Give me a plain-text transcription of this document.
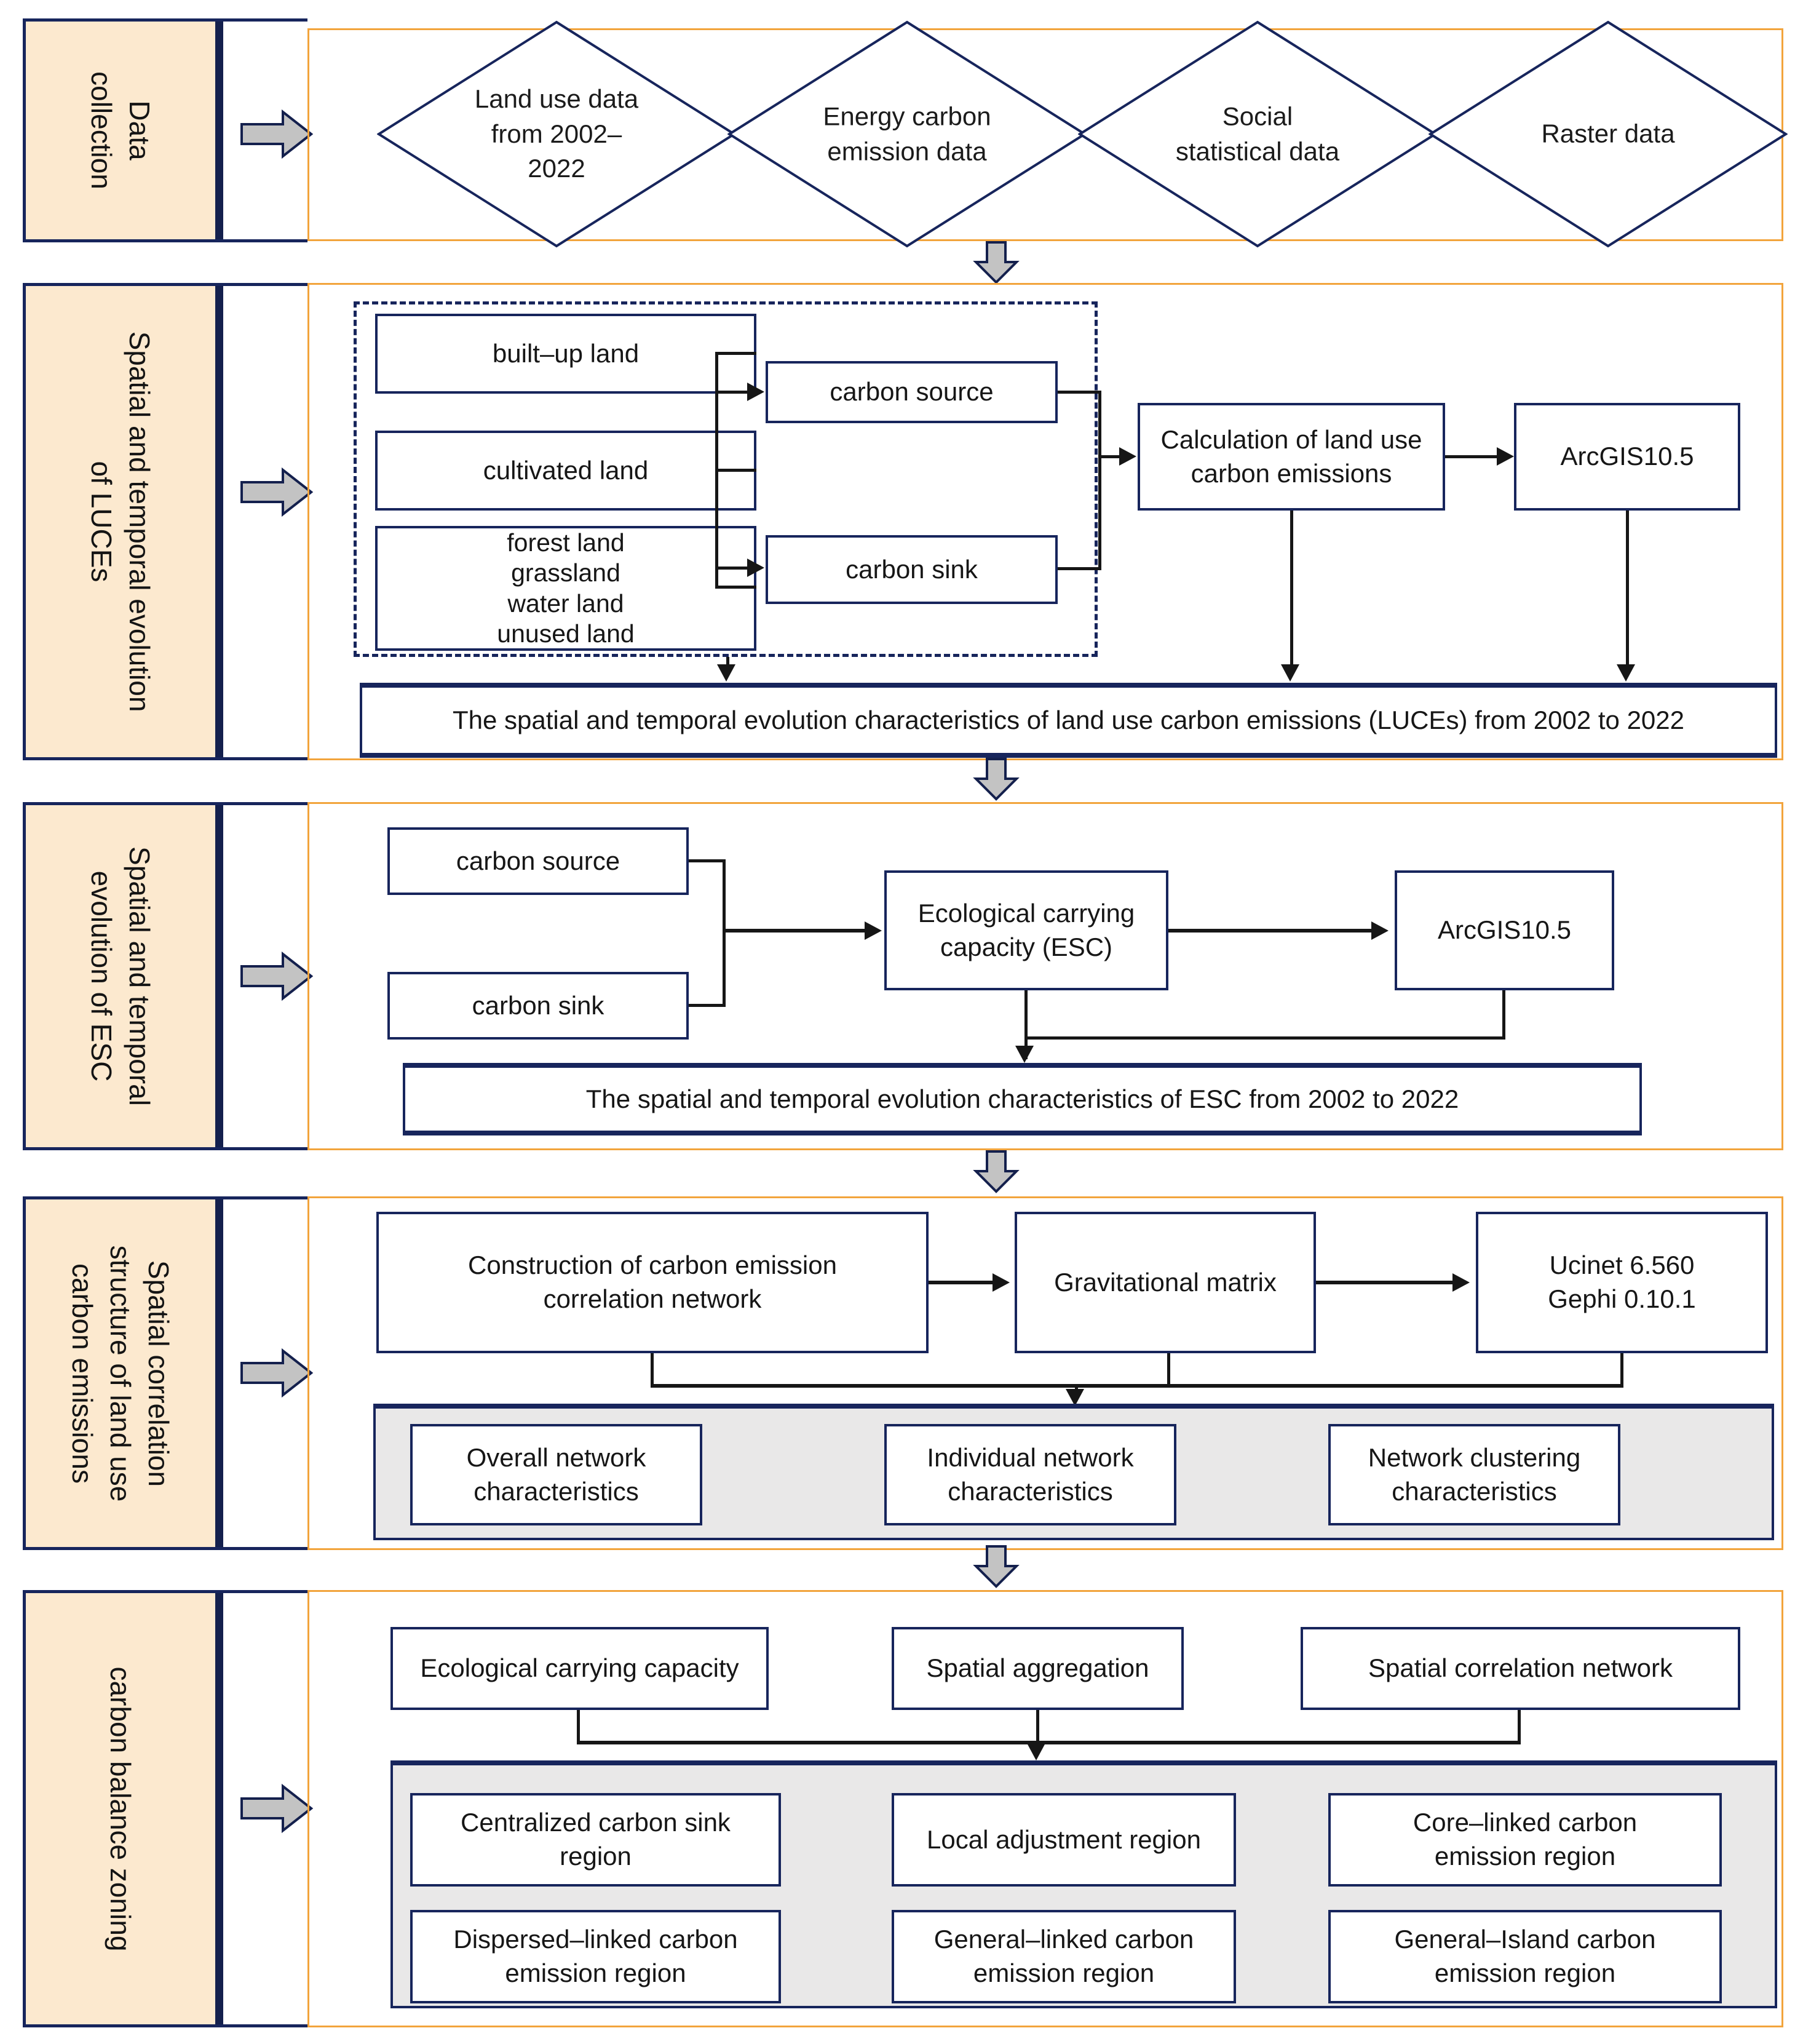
Data
collection	Land use data from 2002–2022
Energy carbon emission data
Social statistical data
Raster data
Spatial and temporal evolution
of LUCEs
built–up land
cultivated land
forest land
grassland
water land
unused land
carbon source
carbon sink
Calculation of land use carbon emissions
ArcGIS10.5
The spatial and temporal evolution characteristics of land use carbon emissions (LUCEs) from 2002 to 2022
Spatial and temporal
evolution of ESC
carbon source
carbon sink
Ecological carrying capacity (ESC)
ArcGIS10.5
The spatial and temporal evolution characteristics of ESC from 2002 to 2022
Spatial correlation
structure of land use
carbon emissions	Construction of carbon emission correlation network
Gravitational matrix
Ucinet 6.560
Gephi 0.10.1
Overall network characteristics
Individual network characteristics
Network clustering characteristics
carbon balance zoning	Ecological carrying capacity	Spatial aggregation	Spatial correlation network
Centralized carbon sink region
Local adjustment region
Core–linked carbon emission region
Dispersed–linked carbon emission region
General–linked carbon emission region
General–Island carbon emission region
